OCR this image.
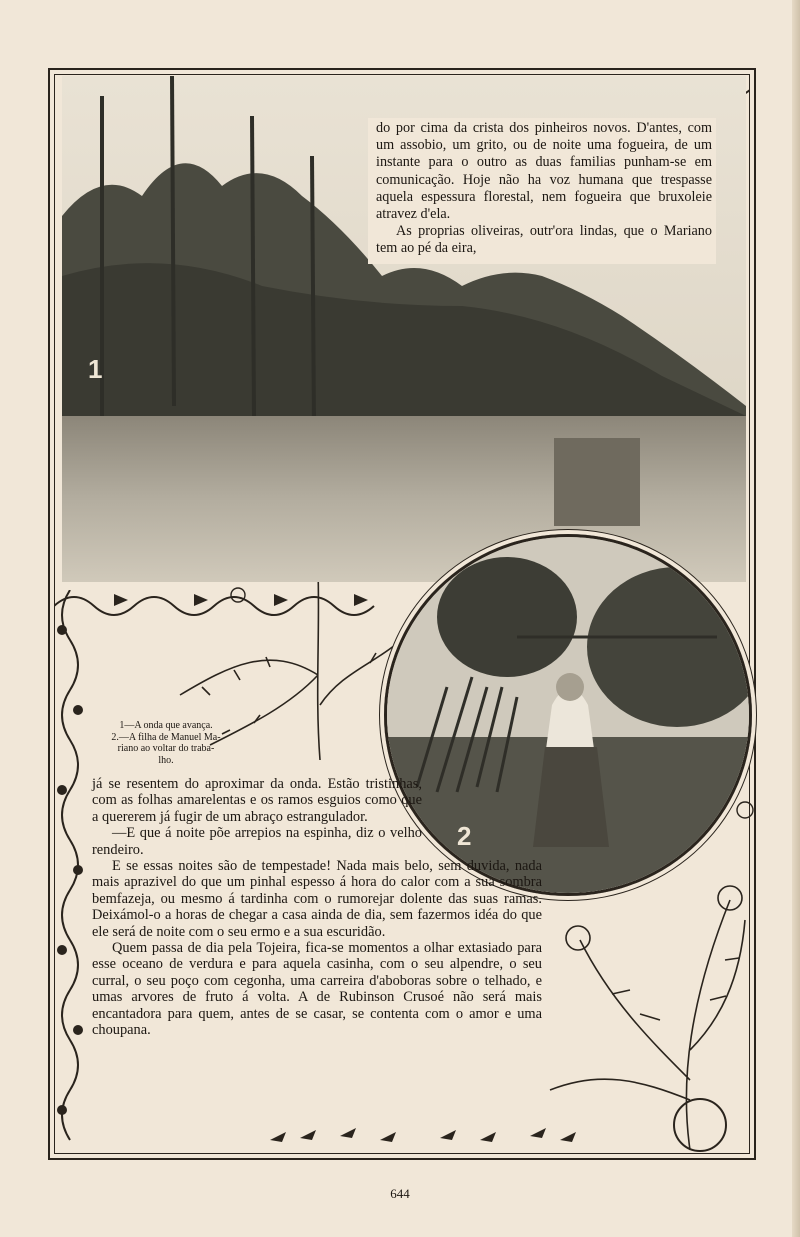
1

do por cima da crista dos pinheiros novos. D'antes, com um assobio, um grito, ou de noite uma fogueira, de um instante para o outro as duas familias punham-se em comunicação. Hoje não ha voz humana que trespasse aquela espessura florestal, nem fogueira que bruxoleie atravez d'ela.

As proprias oliveiras, outr'ora lindas, que o Mariano tem ao pé da eira,

2
1—A onda que avança.
2.—A filha de Manuel Ma-
riano ao voltar do traba-
lho.

já se resentem do aproximar da onda. Estão tristinhas, com as folhas amarelentas e os ramos esguios como que a quererem já fugir de um abraço estrangulador.

—E que á noite põe arrepios na espinha, diz o velho rendeiro.

E se essas noites são de tempestade! Nada mais belo, sem duvida, nada mais aprazivel do que um pinhal espesso á hora do calor com a sua sombra bemfazeja, ou mesmo á tardinha com o rumorejar dolente das suas ramas. Deixámol-o a horas de chegar a casa ainda de dia, sem fazermos idéa do que ele será de noite com o seu ermo e a sua escuridão.

Quem passa de dia pela Tojeira, fica-se momentos a olhar extasiado para esse oceano de verdura e para aquela casinha, com o seu alpendre, o seu curral, o seu poço com cegonha, uma carreira d'aboboras sobre o telhado, e umas arvores de fruto á volta. A de Rubinson Crusoé não será mais encantadora para quem, antes de se casar, se contenta com o amor e uma choupana.

644
